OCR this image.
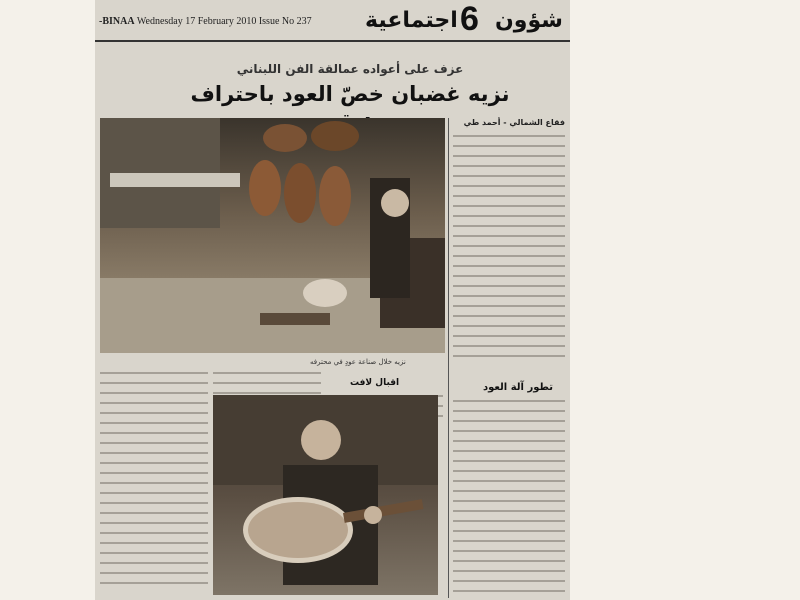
-BINAA Wednesday 17 February 2010 Issue No 237 اجتماعية 6 شؤون
عزف على أعواده عمالقة الفن اللبناني
نزيه غضبان خصّ العود باحتراف
نزيه خلال صناعة عودٍ في محترفه
فقاع الشمالي - أحمد طي
تطور آلة العود
اقبال لافت
